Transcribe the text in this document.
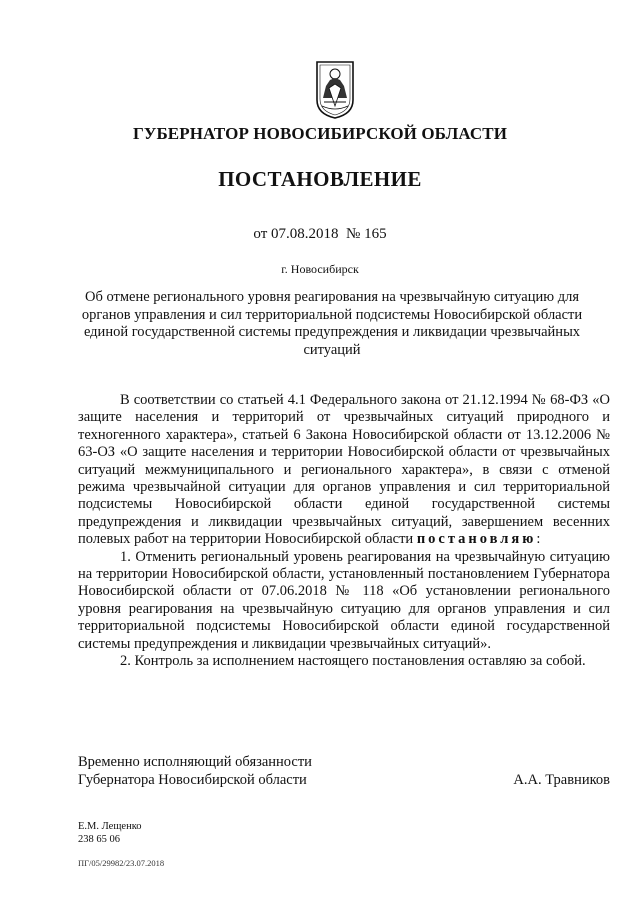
ГУБЕРНАТОР НОВОСИБИРСКОЙ ОБЛАСТИ
ПОСТАНОВЛЕНИЕ
от 07.08.2018  № 165
г. Новосибирск
Об отмене регионального уровня реагирования на чрезвычайную ситуацию для органов управления и сил территориальной подсистемы Новосибирской области единой государственной системы предупреждения и ликвидации чрезвычайных ситуаций

В соответствии со статьей 4.1 Федерального закона от 21.12.1994 № 68-ФЗ «О защите населения и территорий от чрезвычайных ситуаций природного и техногенного характера», статьей 6 Закона Новосибирской области от 13.12.2006 № 63-ОЗ «О защите населения и территории Новосибирской области от чрезвычайных ситуаций межмуниципального и регионального характера», в связи с отменой режима чрезвычайной ситуации для органов управления и сил территориальной подсистемы Новосибирской области единой государственной системы предупреждения и ликвидации чрезвычайных ситуаций, завершением весенних полевых работ на территории Новосибирской области постановляю:

1. Отменить региональный уровень реагирования на чрезвычайную ситуацию на территории Новосибирской области, установленный постановлением Губернатора Новосибирской области от 07.06.2018 № 118 «Об установлении регионального уровня реагирования на чрезвычайную ситуацию для органов управления и сил территориальной подсистемы Новосибирской области единой государственной системы предупреждения и ликвидации чрезвычайных ситуаций».

2. Контроль за исполнением настоящего постановления оставляю за собой.

Временно исполняющий обязанности
Губернатора Новосибирской области	А.А. Травников
Е.М. Лещенко
238 65 06
ПГ/05/29982/23.07.2018
